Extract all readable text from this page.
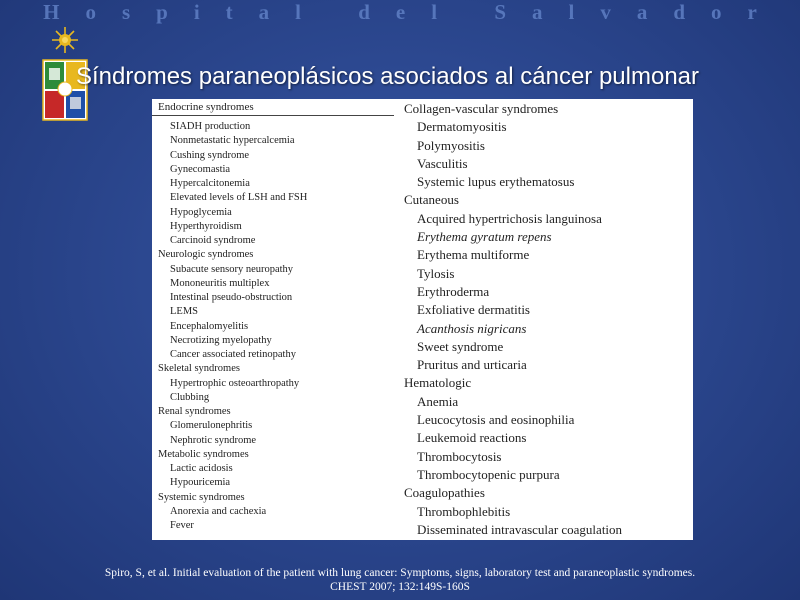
Hospital del Salvador
Síndromes paraneoplásicos asociados al cáncer pulmonar
Endocrine syndromes
SIADH production
Nonmetastatic hypercalcemia
Cushing syndrome
Gynecomastia
Hypercalcitonemia
Elevated levels of LSH and FSH
Hypoglycemia
Hyperthyroidism
Carcinoid syndrome
Neurologic syndromes
Subacute sensory neuropathy
Mononeuritis multiplex
Intestinal pseudo-obstruction
LEMS
Encephalomyelitis
Necrotizing myelopathy
Cancer associated retinopathy
Skeletal syndromes
Hypertrophic osteoarthropathy
Clubbing
Renal syndromes
Glomerulonephritis
Nephrotic syndrome
Metabolic syndromes
Lactic acidosis
Hypouricemia
Systemic syndromes
Anorexia and cachexia
Fever
Collagen-vascular syndromes
Dermatomyositis
Polymyositis
Vasculitis
Systemic lupus erythematosus
Cutaneous
Acquired hypertrichosis languinosa
Erythema gyratum repens
Erythema multiforme
Tylosis
Erythroderma
Exfoliative dermatitis
Acanthosis nigricans
Sweet syndrome
Pruritus and urticaria
Hematologic
Anemia
Leucocytosis and eosinophilia
Leukemoid reactions
Thrombocytosis
Thrombocytopenic purpura
Coagulopathies
Thrombophlebitis
Disseminated intravascular coagulation
Spiro, S, et al. Initial evaluation of the patient with lung cancer: Symptoms, signs, laboratory test and paraneoplastic syndromes.
CHEST 2007; 132:149S-160S
